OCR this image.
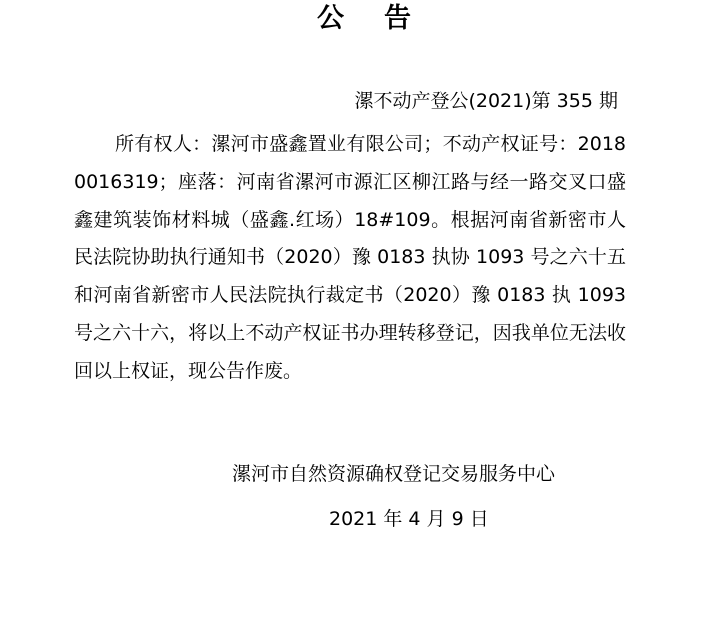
公告
漯不动产登公(2021)第 355 期
所有权人：漯河市盛鑫置业有限公司；不动产权证号：20180016319；座落：河南省漯河市源汇区柳江路与经一路交叉口盛鑫建筑装饰材料城（盛鑫.红场）18#109。根据河南省新密市人民法院协助执行通知书（2020）豫 0183 执协 1093 号之六十五和河南省新密市人民法院执行裁定书（2020）豫 0183 执 1093 号之六十六，将以上不动产权证书办理转移登记，因我单位无法收回以上权证，现公告作废。
漯河市自然资源确权登记交易服务中心
2021 年 4 月 9 日
